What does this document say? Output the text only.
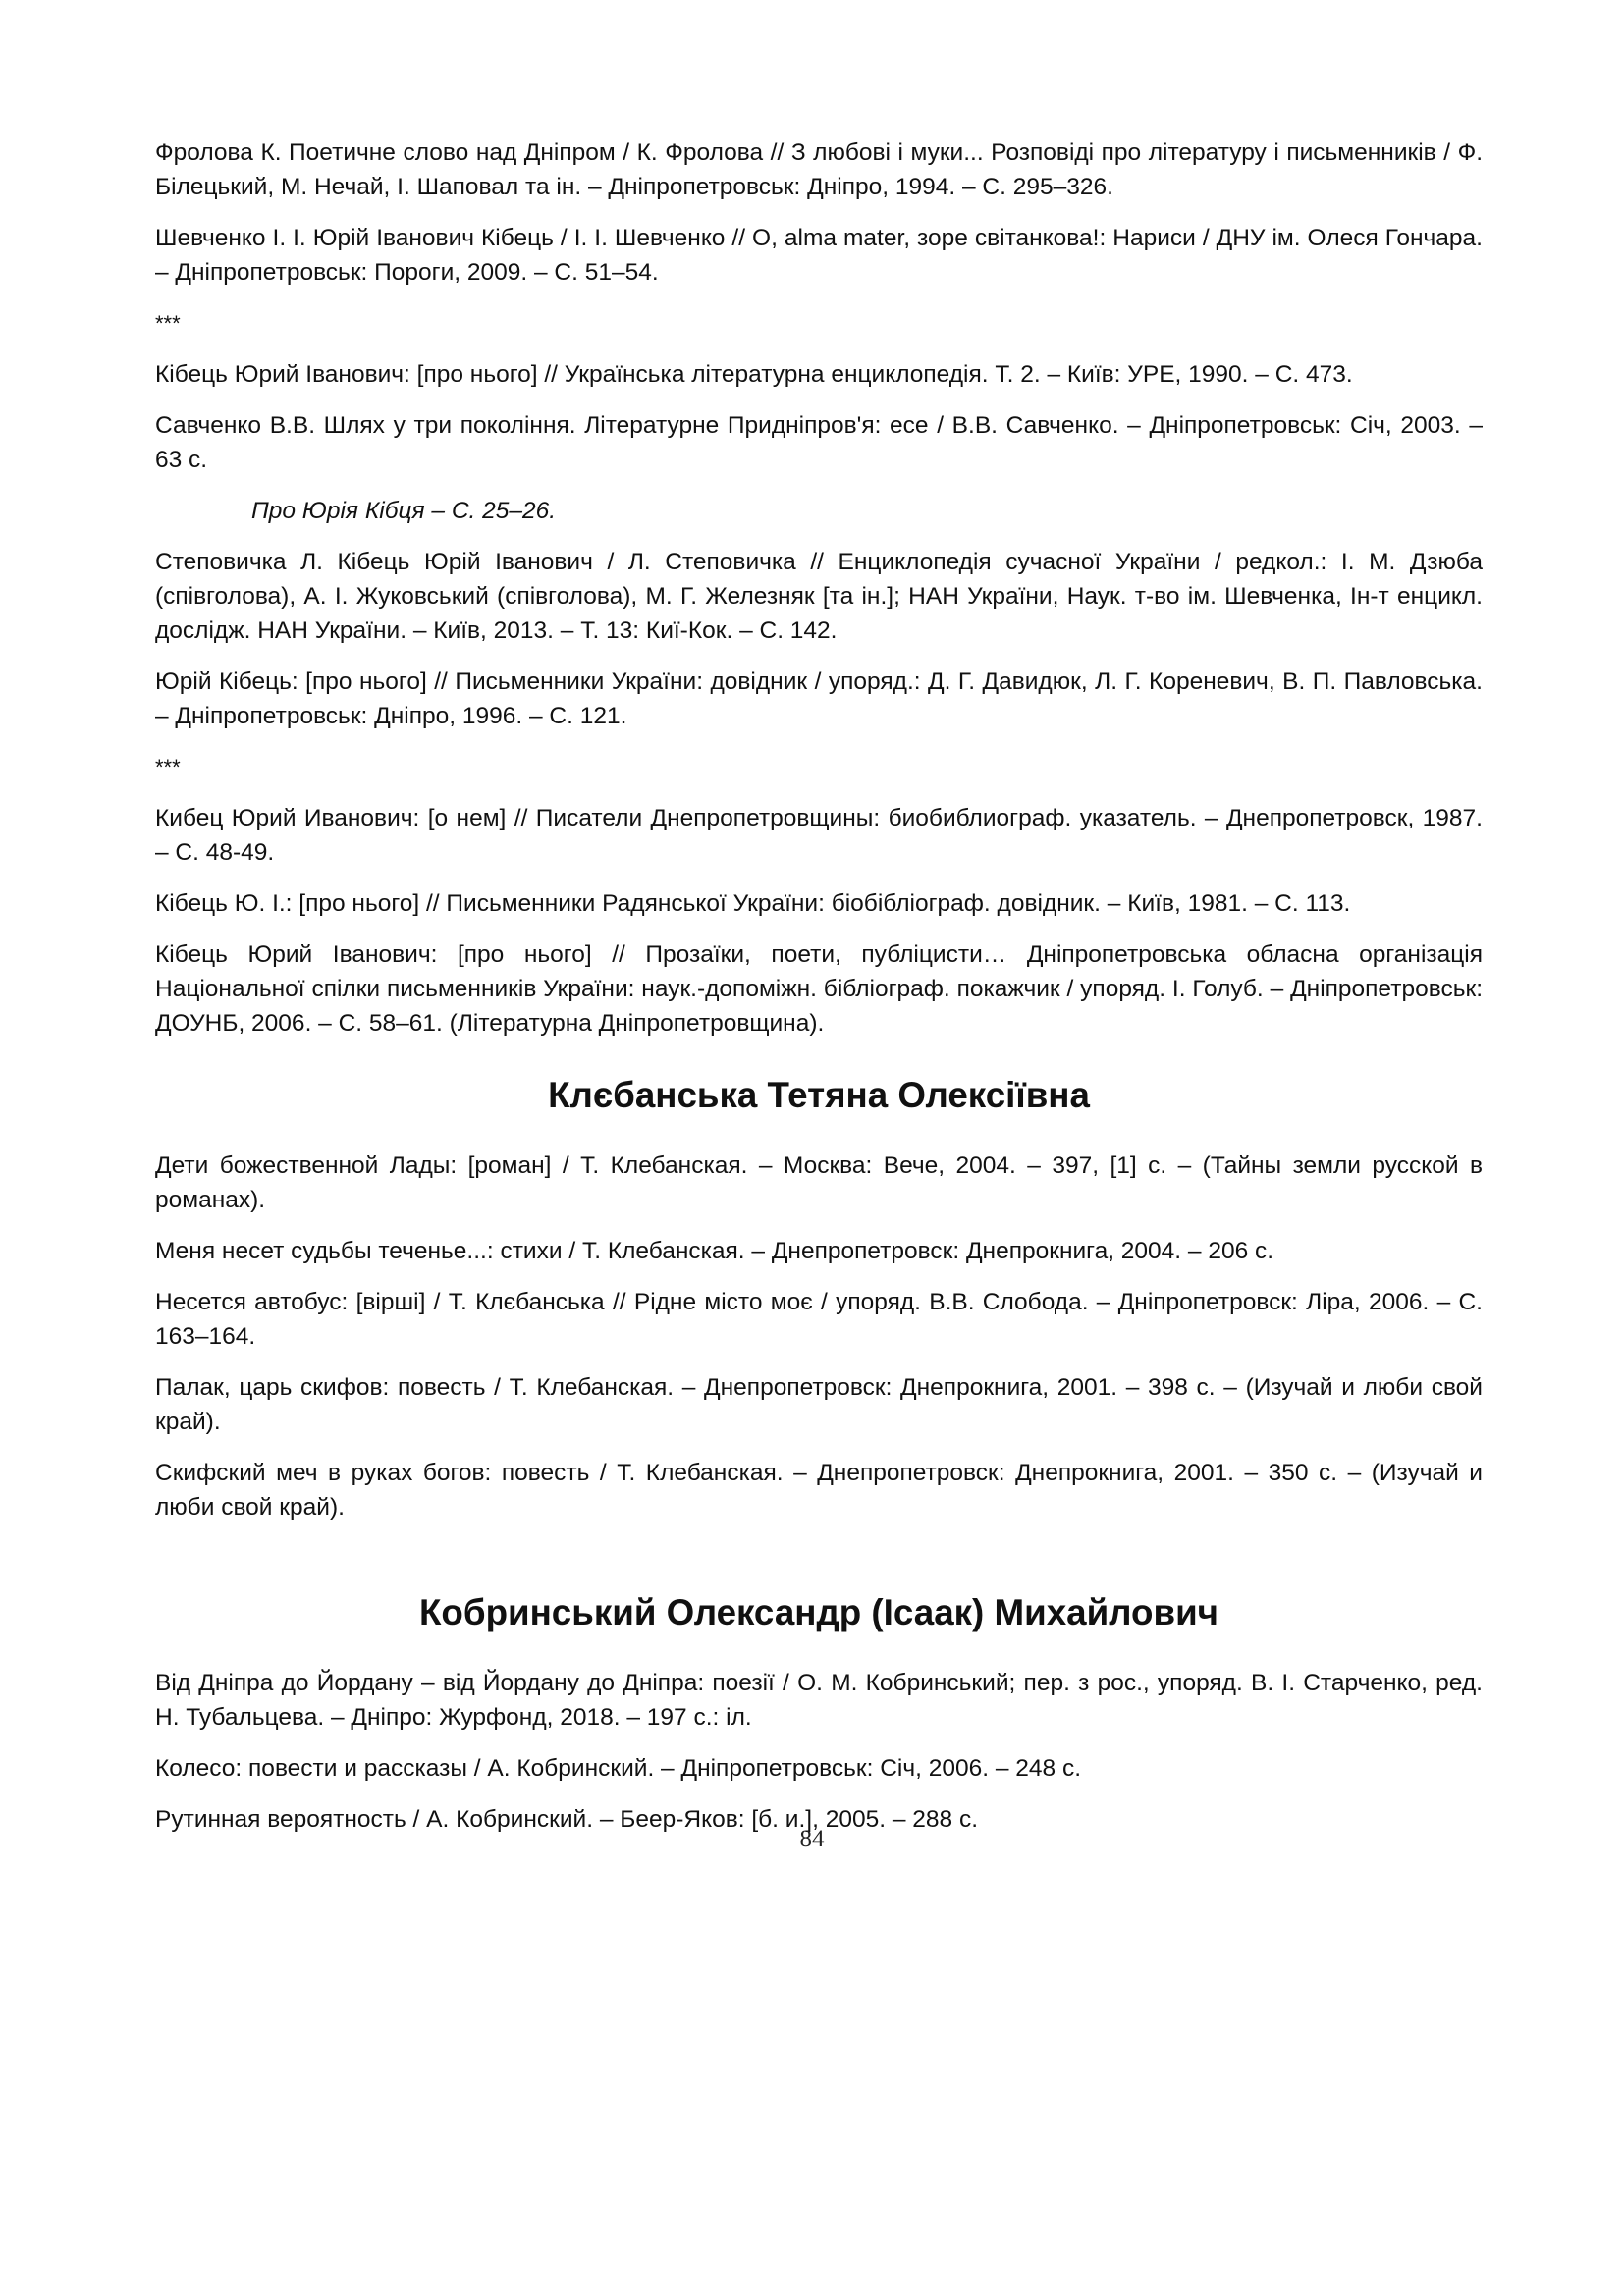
Фролова К. Поетичне слово над Дніпром / К. Фролова // З любові і муки... Розповіді про літературу і письменників / Ф. Білецький, М. Нечай, І. Шаповал та ін. – Дніпропетровськ: Дніпро, 1994. – С. 295–326.

Шевченко І. І. Юрій Іванович Кібець / І. І. Шевченко // О, alma mater, зоре світанкова!: Нариси / ДНУ ім. Олеся Гончара. – Дніпропетровськ: Пороги, 2009. – С. 51–54.

***

Кібець Юрий Іванович: [про нього] // Українська літературна енциклопедія. Т. 2. – Київ: УРЕ, 1990. – С. 473.

Савченко В.В. Шлях у три покоління. Літературне Придніпров'я: есе / В.В. Савченко. – Дніпропетровськ: Січ, 2003. – 63 с.

Про Юрія Кібця – С. 25–26.

Степовичка Л. Кібець Юрій Іванович / Л. Степовичка // Енциклопедія сучасної України / редкол.: І. М. Дзюба (співголова), А. І. Жуковський (співголова), М. Г. Железняк [та ін.]; НАН України, Наук. т-во ім. Шевченка, Ін-т енцикл. дослідж. НАН України. – Київ, 2013. – Т. 13: Киї-Кок. – С. 142.

Юрій Кібець: [про нього] // Письменники України: довідник / упоряд.: Д. Г. Давидюк, Л. Г. Кореневич, В. П. Павловська. – Дніпропетровськ: Дніпро, 1996. – С. 121.

***

Кибец Юрий Иванович: [о нем] // Писатели Днепропетровщины: биобиблиограф. указатель. – Днепропетровск, 1987. – С. 48-49.

Кібець Ю. І.: [про нього] // Письменники Радянської України: біобібліограф. довідник. – Київ, 1981. – С. 113.

Кібець Юрий Іванович: [про нього] // Прозаїки, поети, публіцисти… Дніпропетровська обласна організація Національної спілки письменників України: наук.-допоміжн. бібліограф. покажчик / упоряд. І. Голуб. – Дніпропетровськ: ДОУНБ, 2006. – С. 58–61. (Літературна Дніпропетровщина).

Клєбанська Тетяна Олексіївна

Дети божественной Лады: [роман] / Т. Клебанская. – Москва: Вече, 2004. – 397, [1] с. – (Тайны земли русской в романах).

Меня несет судьбы теченье...: стихи / Т. Клебанская. – Днепропетровск: Днепрокнига, 2004. – 206 с.

Несется автобус: [вірші] / Т. Клєбанська // Рідне місто моє / упоряд. В.В. Слобода. – Дніпропетровск: Ліра, 2006. – С. 163–164.

Палак, царь скифов: повесть / Т. Клебанская. – Днепропетровск: Днепрокнига, 2001. – 398 с. – (Изучай и люби свой край).

Скифский меч в руках богов: повесть / Т. Клебанская. – Днепропетровск: Днепрокнига, 2001. – 350 с. – (Изучай и люби свой край).

Кобринський Олександр (Ісаак) Михайлович

Від Дніпра до Йордану – від Йордану до Дніпра: поезії / О. М. Кобринський; пер. з рос., упоряд. В. І. Старченко, ред. Н. Тубальцева. – Дніпро: Журфонд, 2018. – 197 с.: іл.

Колесо: повести и рассказы / А. Кобринский. – Дніпропетровськ: Січ, 2006. – 248 с.

Рутинная вероятность / А. Кобринский. – Беер-Яков: [б. и.], 2005. – 288 с.

84
